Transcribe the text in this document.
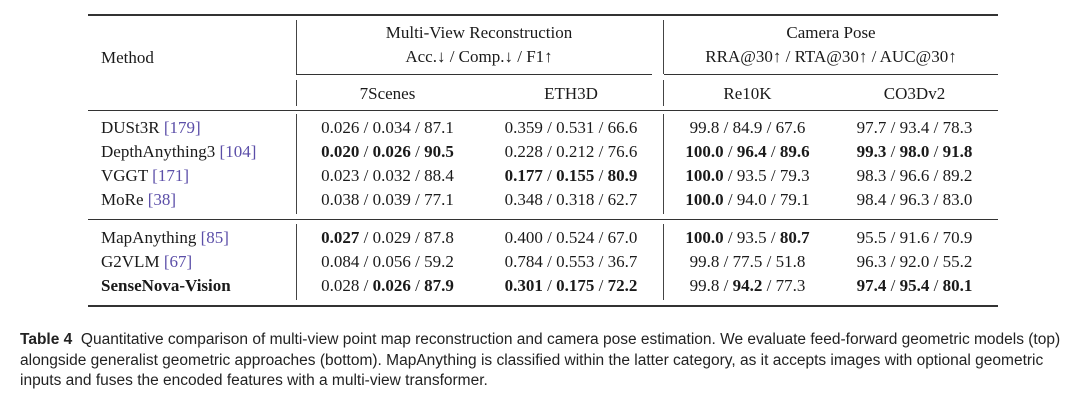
Method
Multi-View Reconstruction
Acc.↓ / Comp.↓ / F1↑
Camera Pose
RRA@30↑ / RTA@30↑ / AUC@30↑
7Scenes	ETH3D	Re10K	CO3Dv2
DUSt3R [179]	0.026 / 0.034 / 87.1	0.359 / 0.531 / 66.6	99.8 / 84.9 / 67.6	97.7 / 93.4 / 78.3
DepthAnything3 [104]	0.020 / 0.026 / 90.5	0.228 / 0.212 / 76.6	100.0 / 96.4 / 89.6	99.3 / 98.0 / 91.8
VGGT [171]	0.023 / 0.032 / 88.4	0.177 / 0.155 / 80.9	100.0 / 93.5 / 79.3	98.3 / 96.6 / 89.2
MoRe [38]	0.038 / 0.039 / 77.1	0.348 / 0.318 / 62.7	100.0 / 94.0 / 79.1	98.4 / 96.3 / 83.0
MapAnything [85]	0.027 / 0.029 / 87.8	0.400 / 0.524 / 67.0	100.0 / 93.5 / 80.7	95.5 / 91.6 / 70.9
G2VLM [67]	0.084 / 0.056 / 59.2	0.784 / 0.553 / 36.7	99.8 / 77.5 / 51.8	96.3 / 92.0 / 55.2
SenseNova-Vision	0.028 / 0.026 / 87.9	0.301 / 0.175 / 72.2	99.8 / 94.2 / 77.3	97.4 / 95.4 / 80.1
Table 4 Quantitative comparison of multi-view point map reconstruction and camera pose estimation. We evaluate feed-forward geometric models (top) alongside generalist geometric approaches (bottom). MapAnything is classified within the latter category, as it accepts images with optional geometric inputs and fuses the encoded features with a multi-view transformer.
